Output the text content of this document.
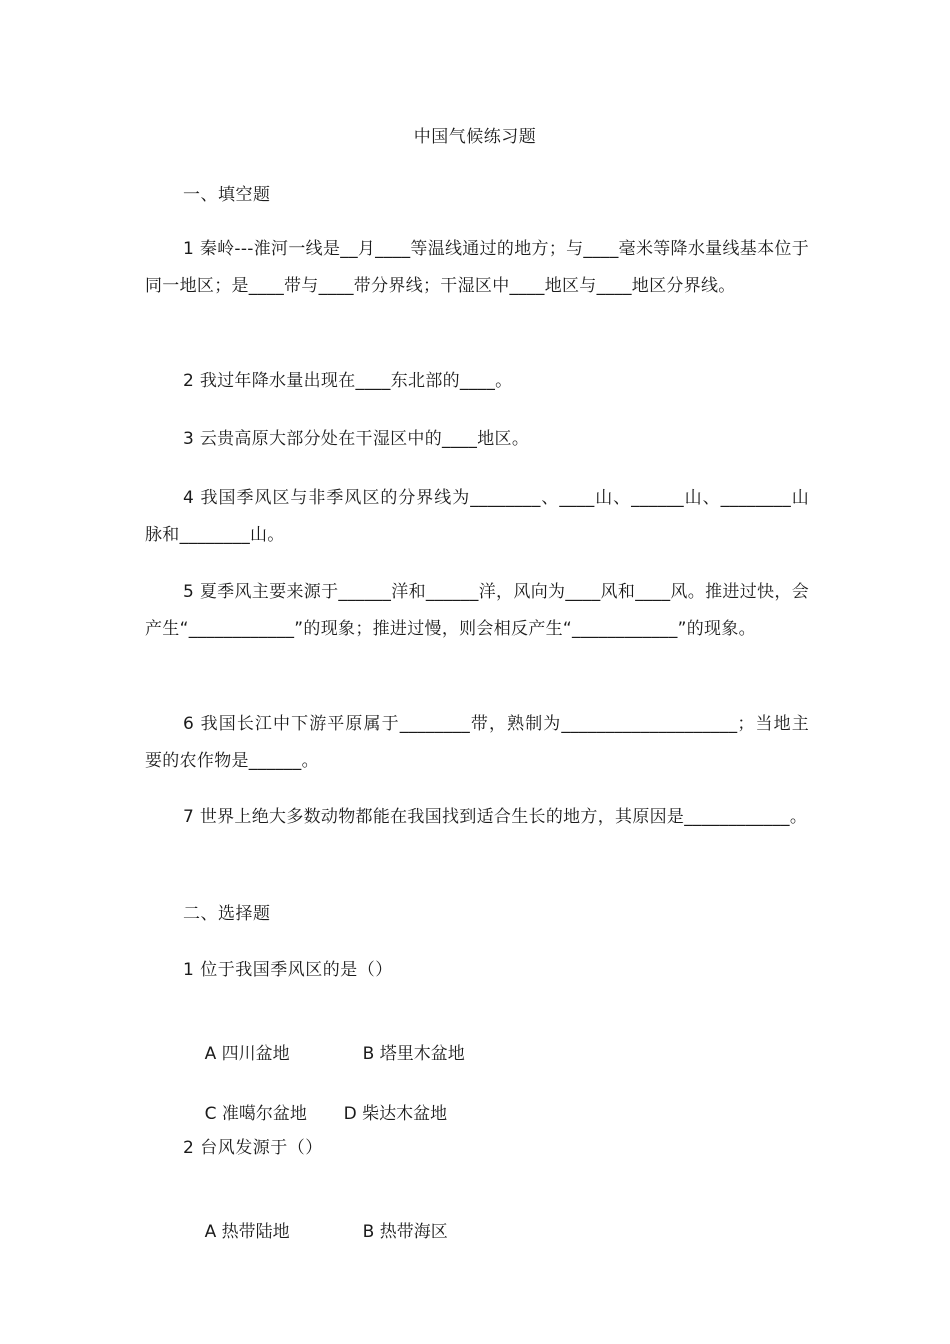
中国气候练习题
一、填空题

1 秦岭---淮河一线是__月____等温线通过的地方；与____毫米等降水量线基本位于同一地区；是____带与____带分界线；干湿区中____地区与____地区分界线。

2 我过年降水量出现在____东北部的____。

3 云贵高原大部分处在干湿区中的____地区。

4 我国季风区与非季风区的分界线为________、____山、______山、________山脉和________山。

5 夏季风主要来源于______洋和______洋，风向为____风和____风。推进过快，会产生“____________”的现象；推进过慢，则会相反产生“____________”的现象。

6 我国长江中下游平原属于________带，熟制为____________________；当地主要的农作物是______。

7 世界上绝大多数动物都能在我国找到适合生长的地方，其原因是____________。

二、选择题
1 位于我国季风区的是（）

A 四川盆地	B 塔里木盆地

C 准噶尔盆地 D 柴达木盆地

2 台风发源于（）

A 热带陆地	B 热带海区
